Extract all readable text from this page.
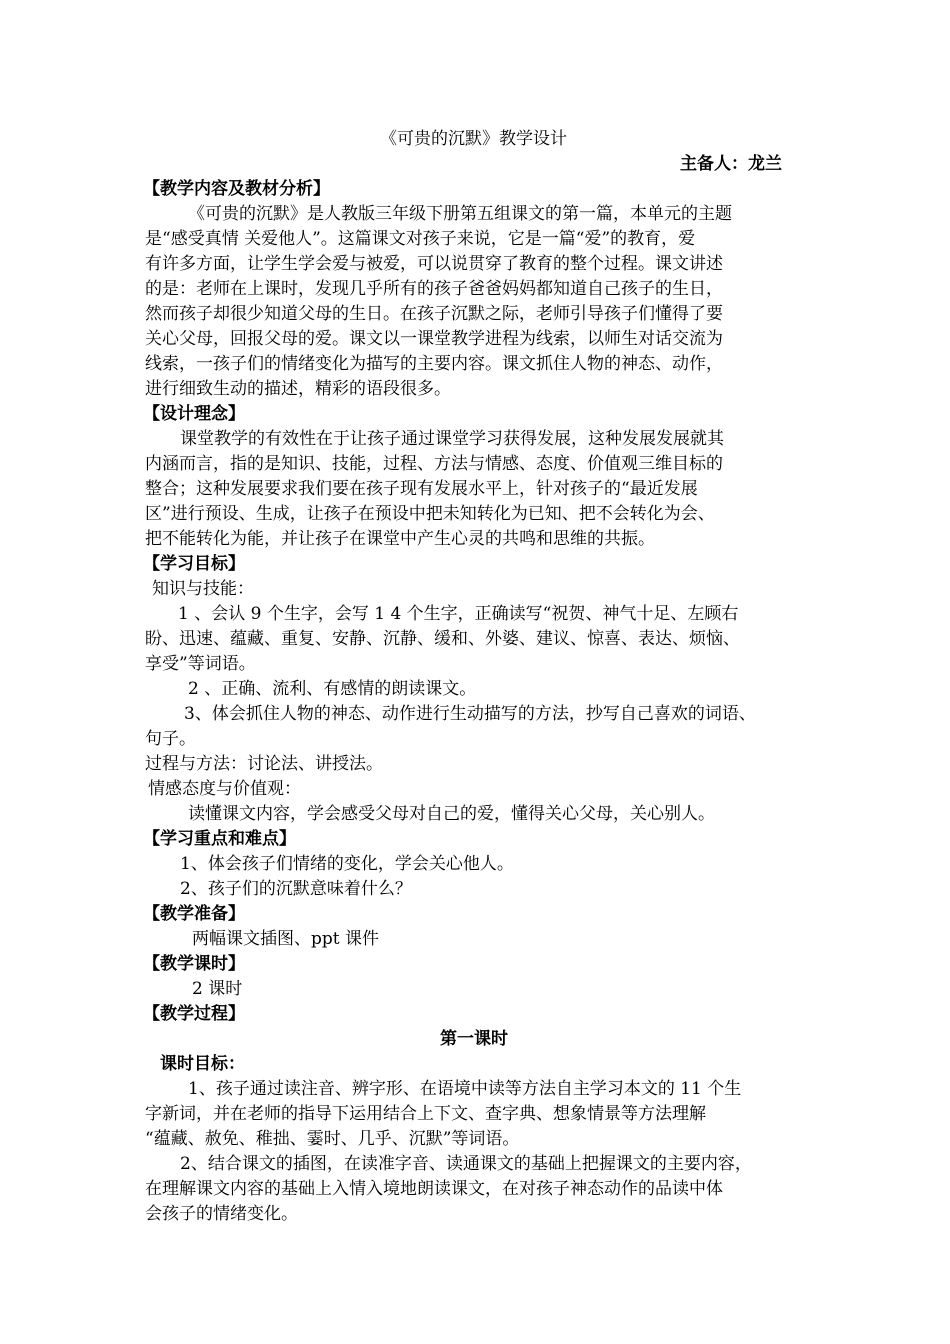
《可贵的沉默》教学设计
主备人：龙兰
【教学内容及教材分析】
《可贵的沉默》是人教版三年级下册第五组课文的第一篇，本单元的主题
是“感受真情 关爱他人”。这篇课文对孩子来说，它是一篇“爱”的教育，爱
有许多方面，让学生学会爱与被爱，可以说贯穿了教育的整个过程。课文讲述
的是：老师在上课时，发现几乎所有的孩子爸爸妈妈都知道自己孩子的生日，
然而孩子却很少知道父母的生日。在孩子沉默之际，老师引导孩子们懂得了要
关心父母，回报父母的爱。课文以一课堂教学进程为线索，以师生对话交流为
线索，一孩子们的情绪变化为描写的主要内容。课文抓住人物的神态、动作，
进行细致生动的描述，精彩的语段很多。
【设计理念】
课堂教学的有效性在于让孩子通过课堂学习获得发展，这种发展发展就其
内涵而言，指的是知识、技能，过程、方法与情感、态度、价值观三维目标的
整合；这种发展要求我们要在孩子现有发展水平上，针对孩子的“最近发展
区”进行预设、生成，让孩子在预设中把未知转化为已知、把不会转化为会、
把不能转化为能，并让孩子在课堂中产生心灵的共鸣和思维的共振。
【学习目标】
知识与技能：
1 、会认 9 个生字，会写 1 4 个生字，正确读写“祝贺、神气十足、左顾右
盼、迅速、蕴藏、重复、安静、沉静、缓和、外婆、建议、惊喜、表达、烦恼、
享受”等词语。
2 、正确、流利、有感情的朗读课文。
3、体会抓住人物的神态、动作进行生动描写的方法，抄写自己喜欢的词语、
句子。
过程与方法：讨论法、讲授法。
情感态度与价值观：
读懂课文内容，学会感受父母对自己的爱，懂得关心父母，关心别人。
【学习重点和难点】
1、体会孩子们情绪的变化，学会关心他人。
2、孩子们的沉默意味着什么？
【教学准备】
两幅课文插图、ppt 课件
【教学课时】
2 课时
【教学过程】
第一课时
课时目标：
1、孩子通过读注音、辨字形、在语境中读等方法自主学习本文的 11 个生
字新词，并在老师的指导下运用结合上下文、查字典、想象情景等方法理解
“蕴藏、赦免、稚拙、霎时、几乎、沉默”等词语。
2、结合课文的插图，在读准字音、读通课文的基础上把握课文的主要内容，
在理解课文内容的基础上入情入境地朗读课文，在对孩子神态动作的品读中体
会孩子的情绪变化。
